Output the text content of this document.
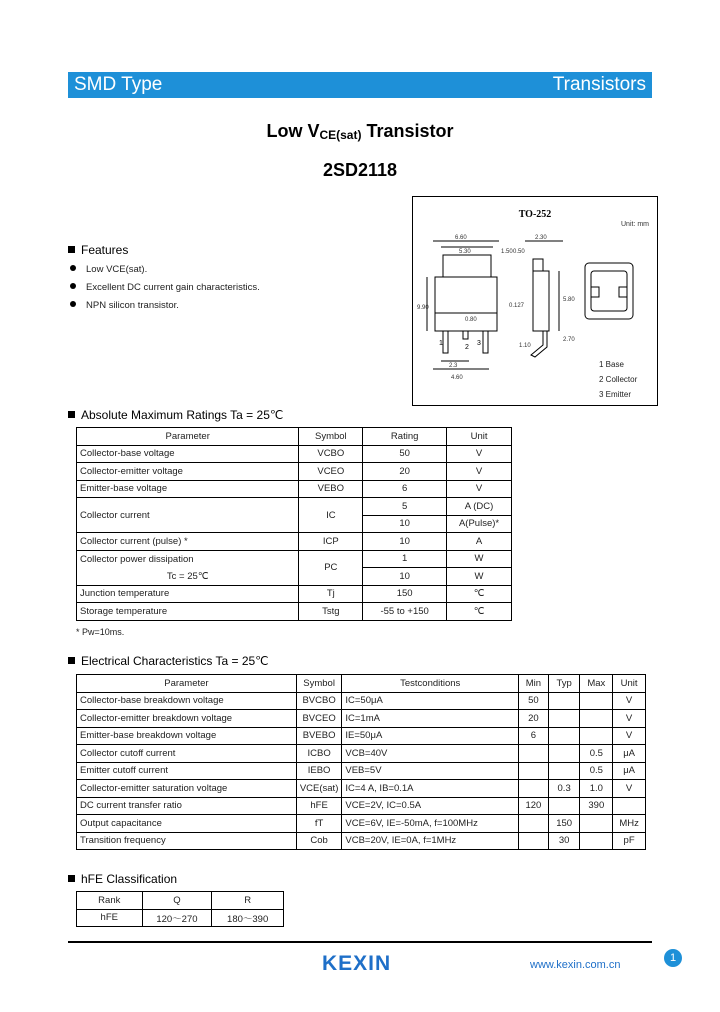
SMD Type	Transistors
Low $V_{CE(sat)}$ Transistor
2SD2118
Features
Low VCE(sat).
Excellent DC current gain characteristics.
NPN silicon transistor.
TO-252
Unit: mm
6.60
5.30
2.30
0.50
1.50
0.127
0.80
2.3
4.60
5.80
1.10
9.90
2.70
1
2
3
1 Base
2 Collector
3 Emitter
Absolute Maximum Ratings Ta = 25℃
Parameter	Symbol	Rating	Unit
Collector-base voltage	VCBO	50	V
Collector-emitter voltage	VCEO	20	V
Emitter-base voltage	VEBO	6	V
Collector current	IC	5	A (DC)
		10	A(Pulse)*
Collector current (pulse) *	ICP	10	A
Collector power dissipation	PC	1	W
Tc = 25℃		10	W
Junction temperature	Tj	150	℃
Storage temperature	Tstg	-55 to +150	℃
* Pw=10ms.
Electrical Characteristics Ta = 25℃
Parameter	Symbol	Testconditions	Min	Typ	Max	Unit
Collector-base breakdown voltage	BVCBO	IC=50μA	50			V
Collector-emitter breakdown voltage	BVCEO	IC=1mA	20			V
Emitter-base breakdown voltage	BVEBO	IE=50μA	6			V
Collector cutoff current	ICBO	VCB=40V			0.5	μA
Emitter cutoff current	IEBO	VEB=5V			0.5	μA
Collector-emitter saturation voltage	VCE(sat)	IC=4 A, IB=0.1A		0.3	1.0	V
DC current transfer ratio	hFE	VCE=2V, IC=0.5A	120		390	
Output capacitance	fT	VCE=6V, IE=-50mA, f=100MHz		150		MHz
Transition frequency	Cob	VCB=20V, IE=0A, f=1MHz		30		pF
hFE Classification
Rank	Q	R
hFE	120～270	180～390
KEXIN	www.kexin.com.cn
1
